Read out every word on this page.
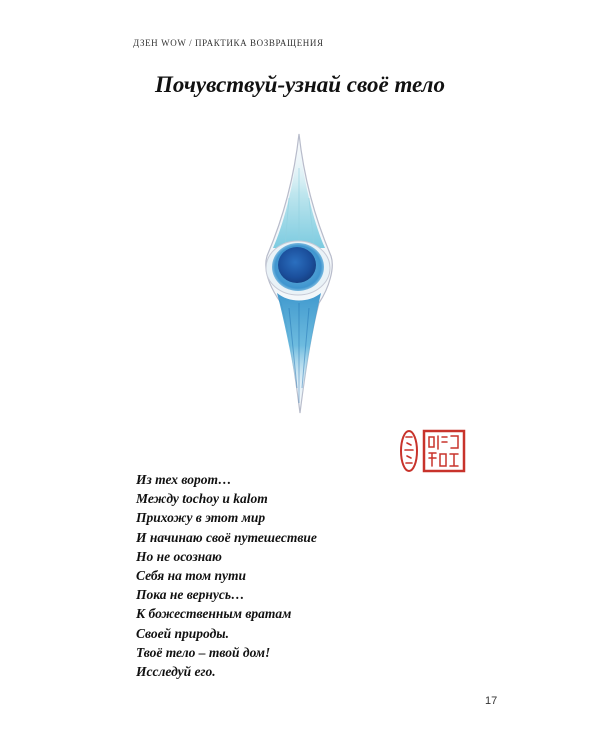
ДЗЕН WOW / ПРАКТИКА ВОЗВРАЩЕНИЯ
Почувствуй-узнай своё тело
Из тех ворот…
Между tochoy и kalom
Прихожу в этот мир
И начинаю своё путешествие
Но не осознаю
Себя на том пути
Пока не вернусь…
К божественным вратам
Своей природы.
Твоё тело – твой дом!
Исследуй его.
17
